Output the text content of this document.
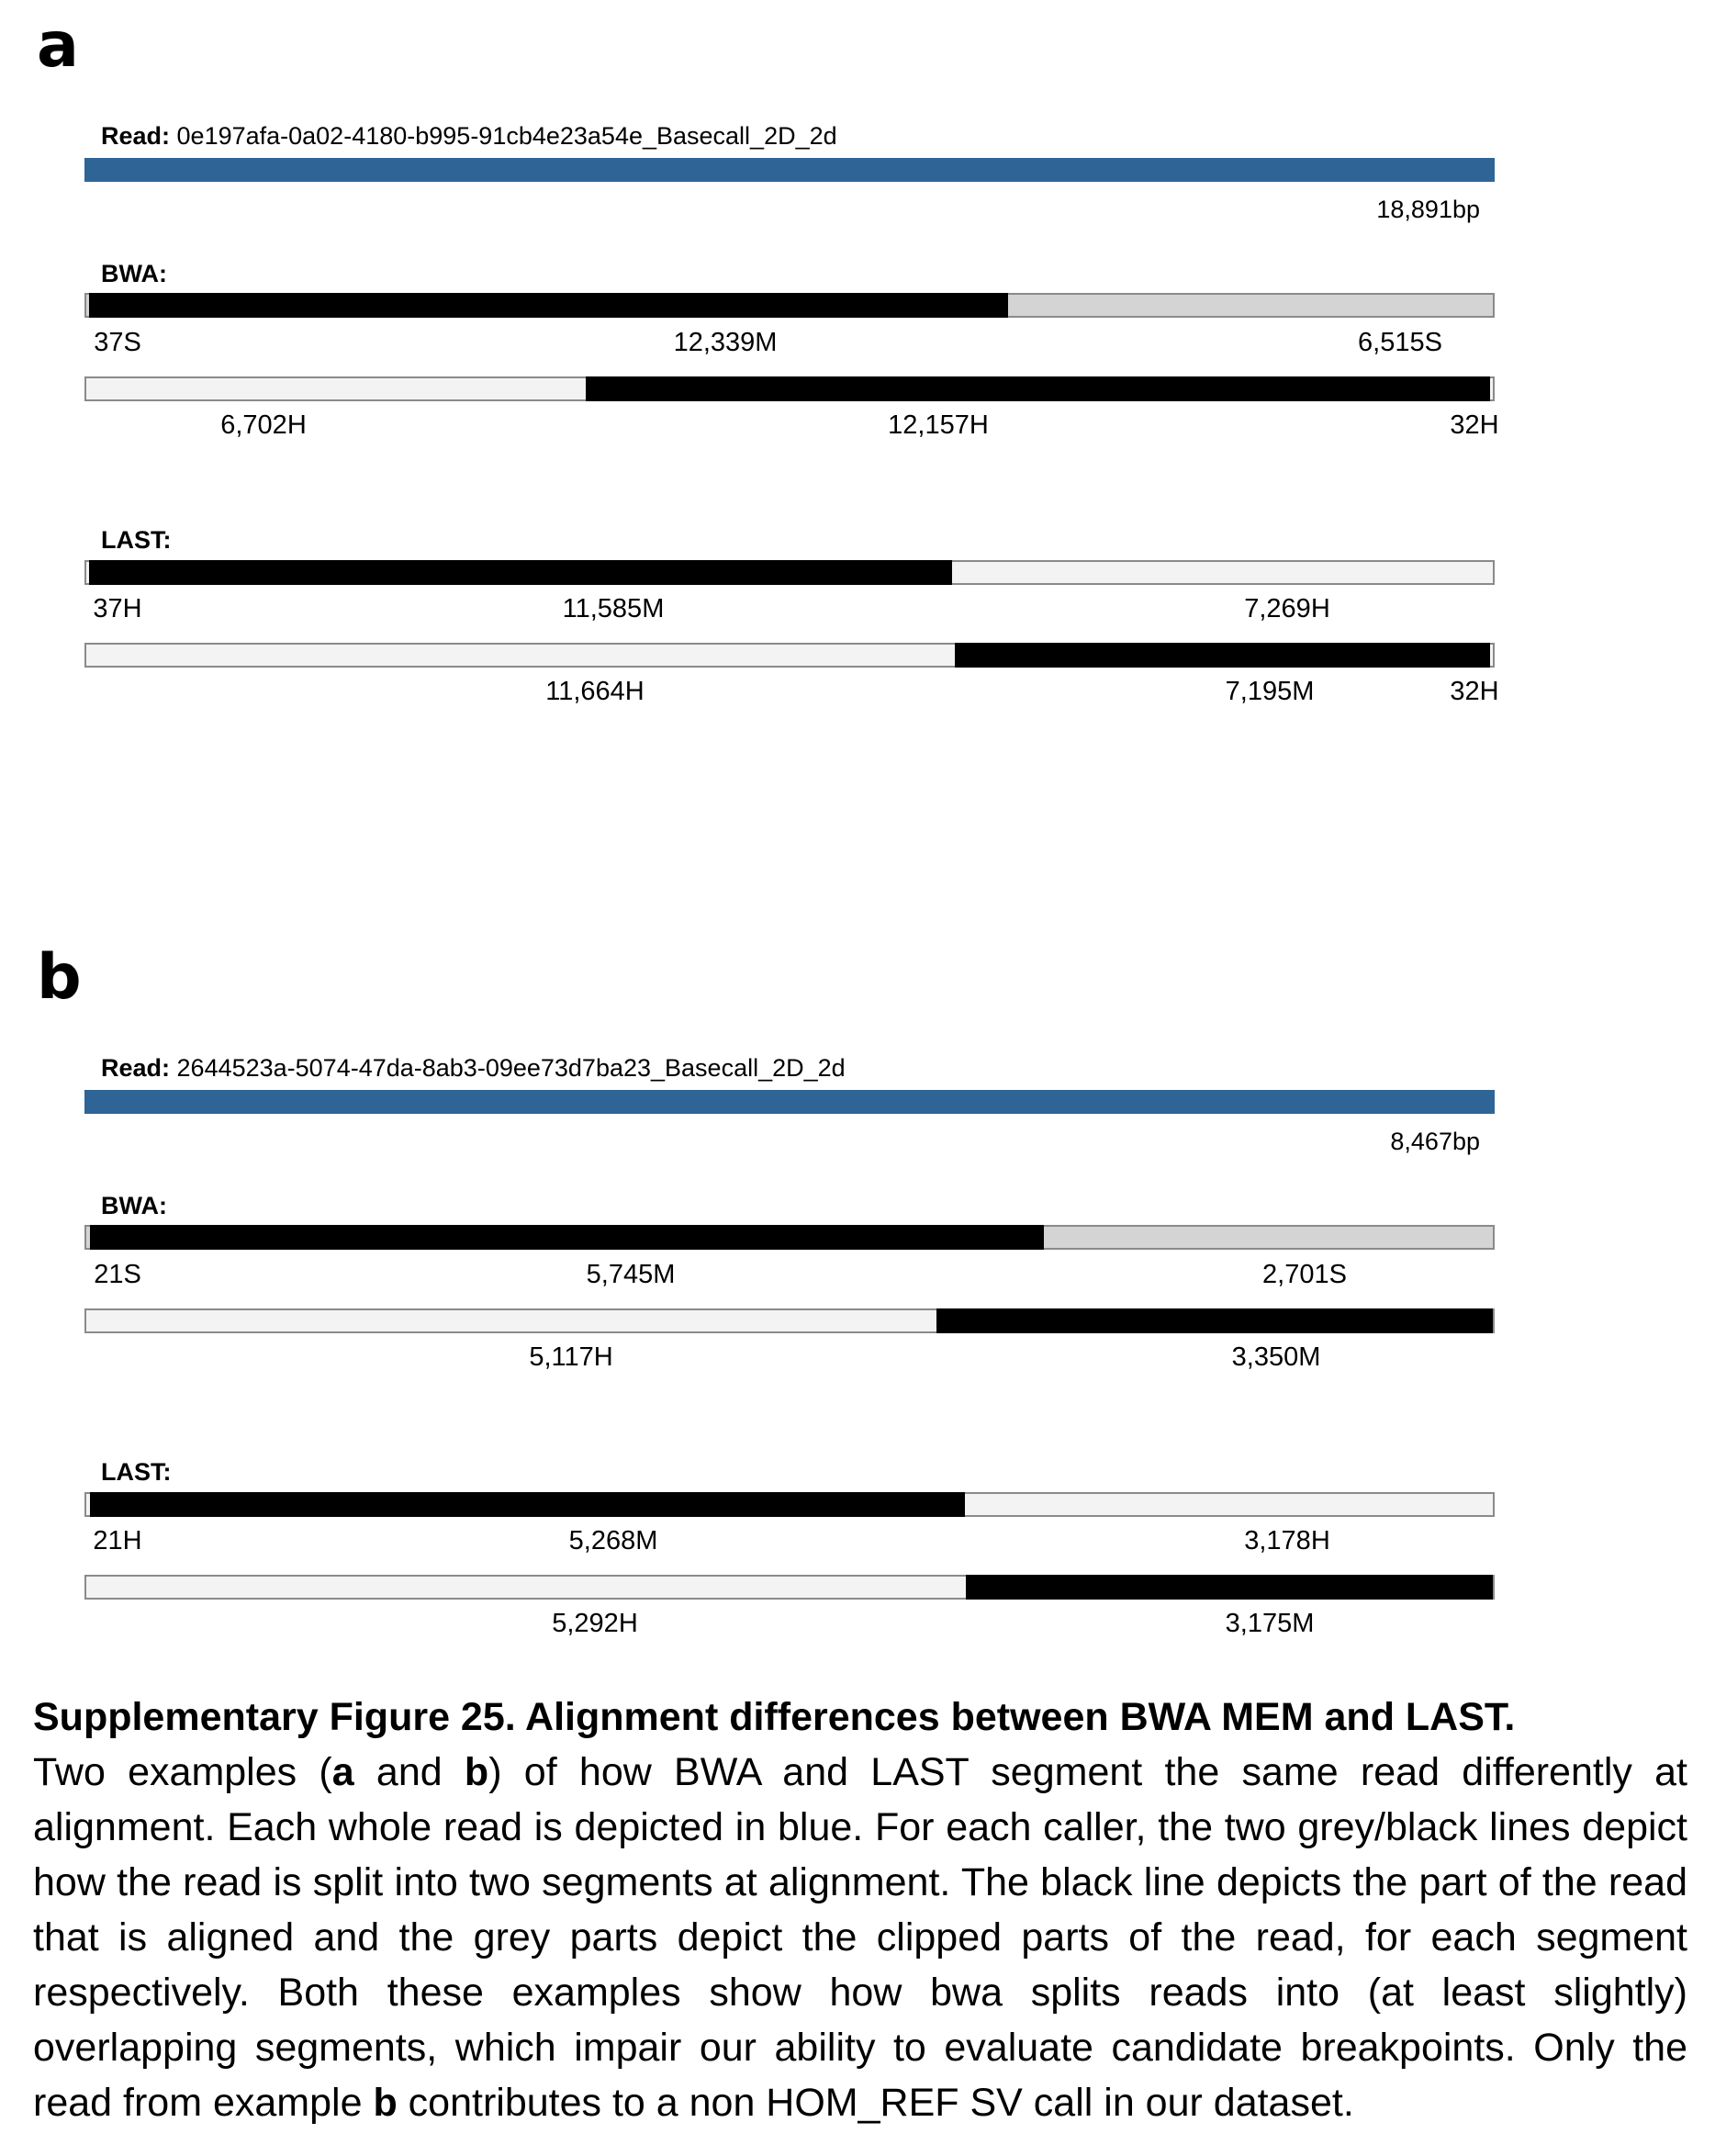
a
Read: 0e197afa-0a02-4180-b995-91cb4e23a54e_Basecall_2D_2d
18,891bp
BWA:
37S	12,339M	6,515S
6,702H	12,157H	32H
LAST:
37H	11,585M	7,269H
11,664H	7,195M	32H
b
Read: 2644523a-5074-47da-8ab3-09ee73d7ba23_Basecall_2D_2d
8,467bp
BWA:
21S	5,745M	2,701S
5,117H	3,350M
LAST:
21H	5,268M	3,178H
5,292H	3,175M
Supplementary Figure 25. Alignment differences between BWA MEM and LAST.
Two examples (a and b) of how BWA and LAST segment the same read differently at alignment. Each whole read is depicted in blue. For each caller, the two grey/black lines depict how the read is split into two segments at alignment. The black line depicts the part of the read that is aligned and the grey parts depict the clipped parts of the read, for each segment respectively. Both these examples show how bwa splits reads into (at least slightly) overlapping segments, which impair our ability to evaluate candidate breakpoints. Only the read from example b contributes to a non HOM_REF SV call in our dataset.
